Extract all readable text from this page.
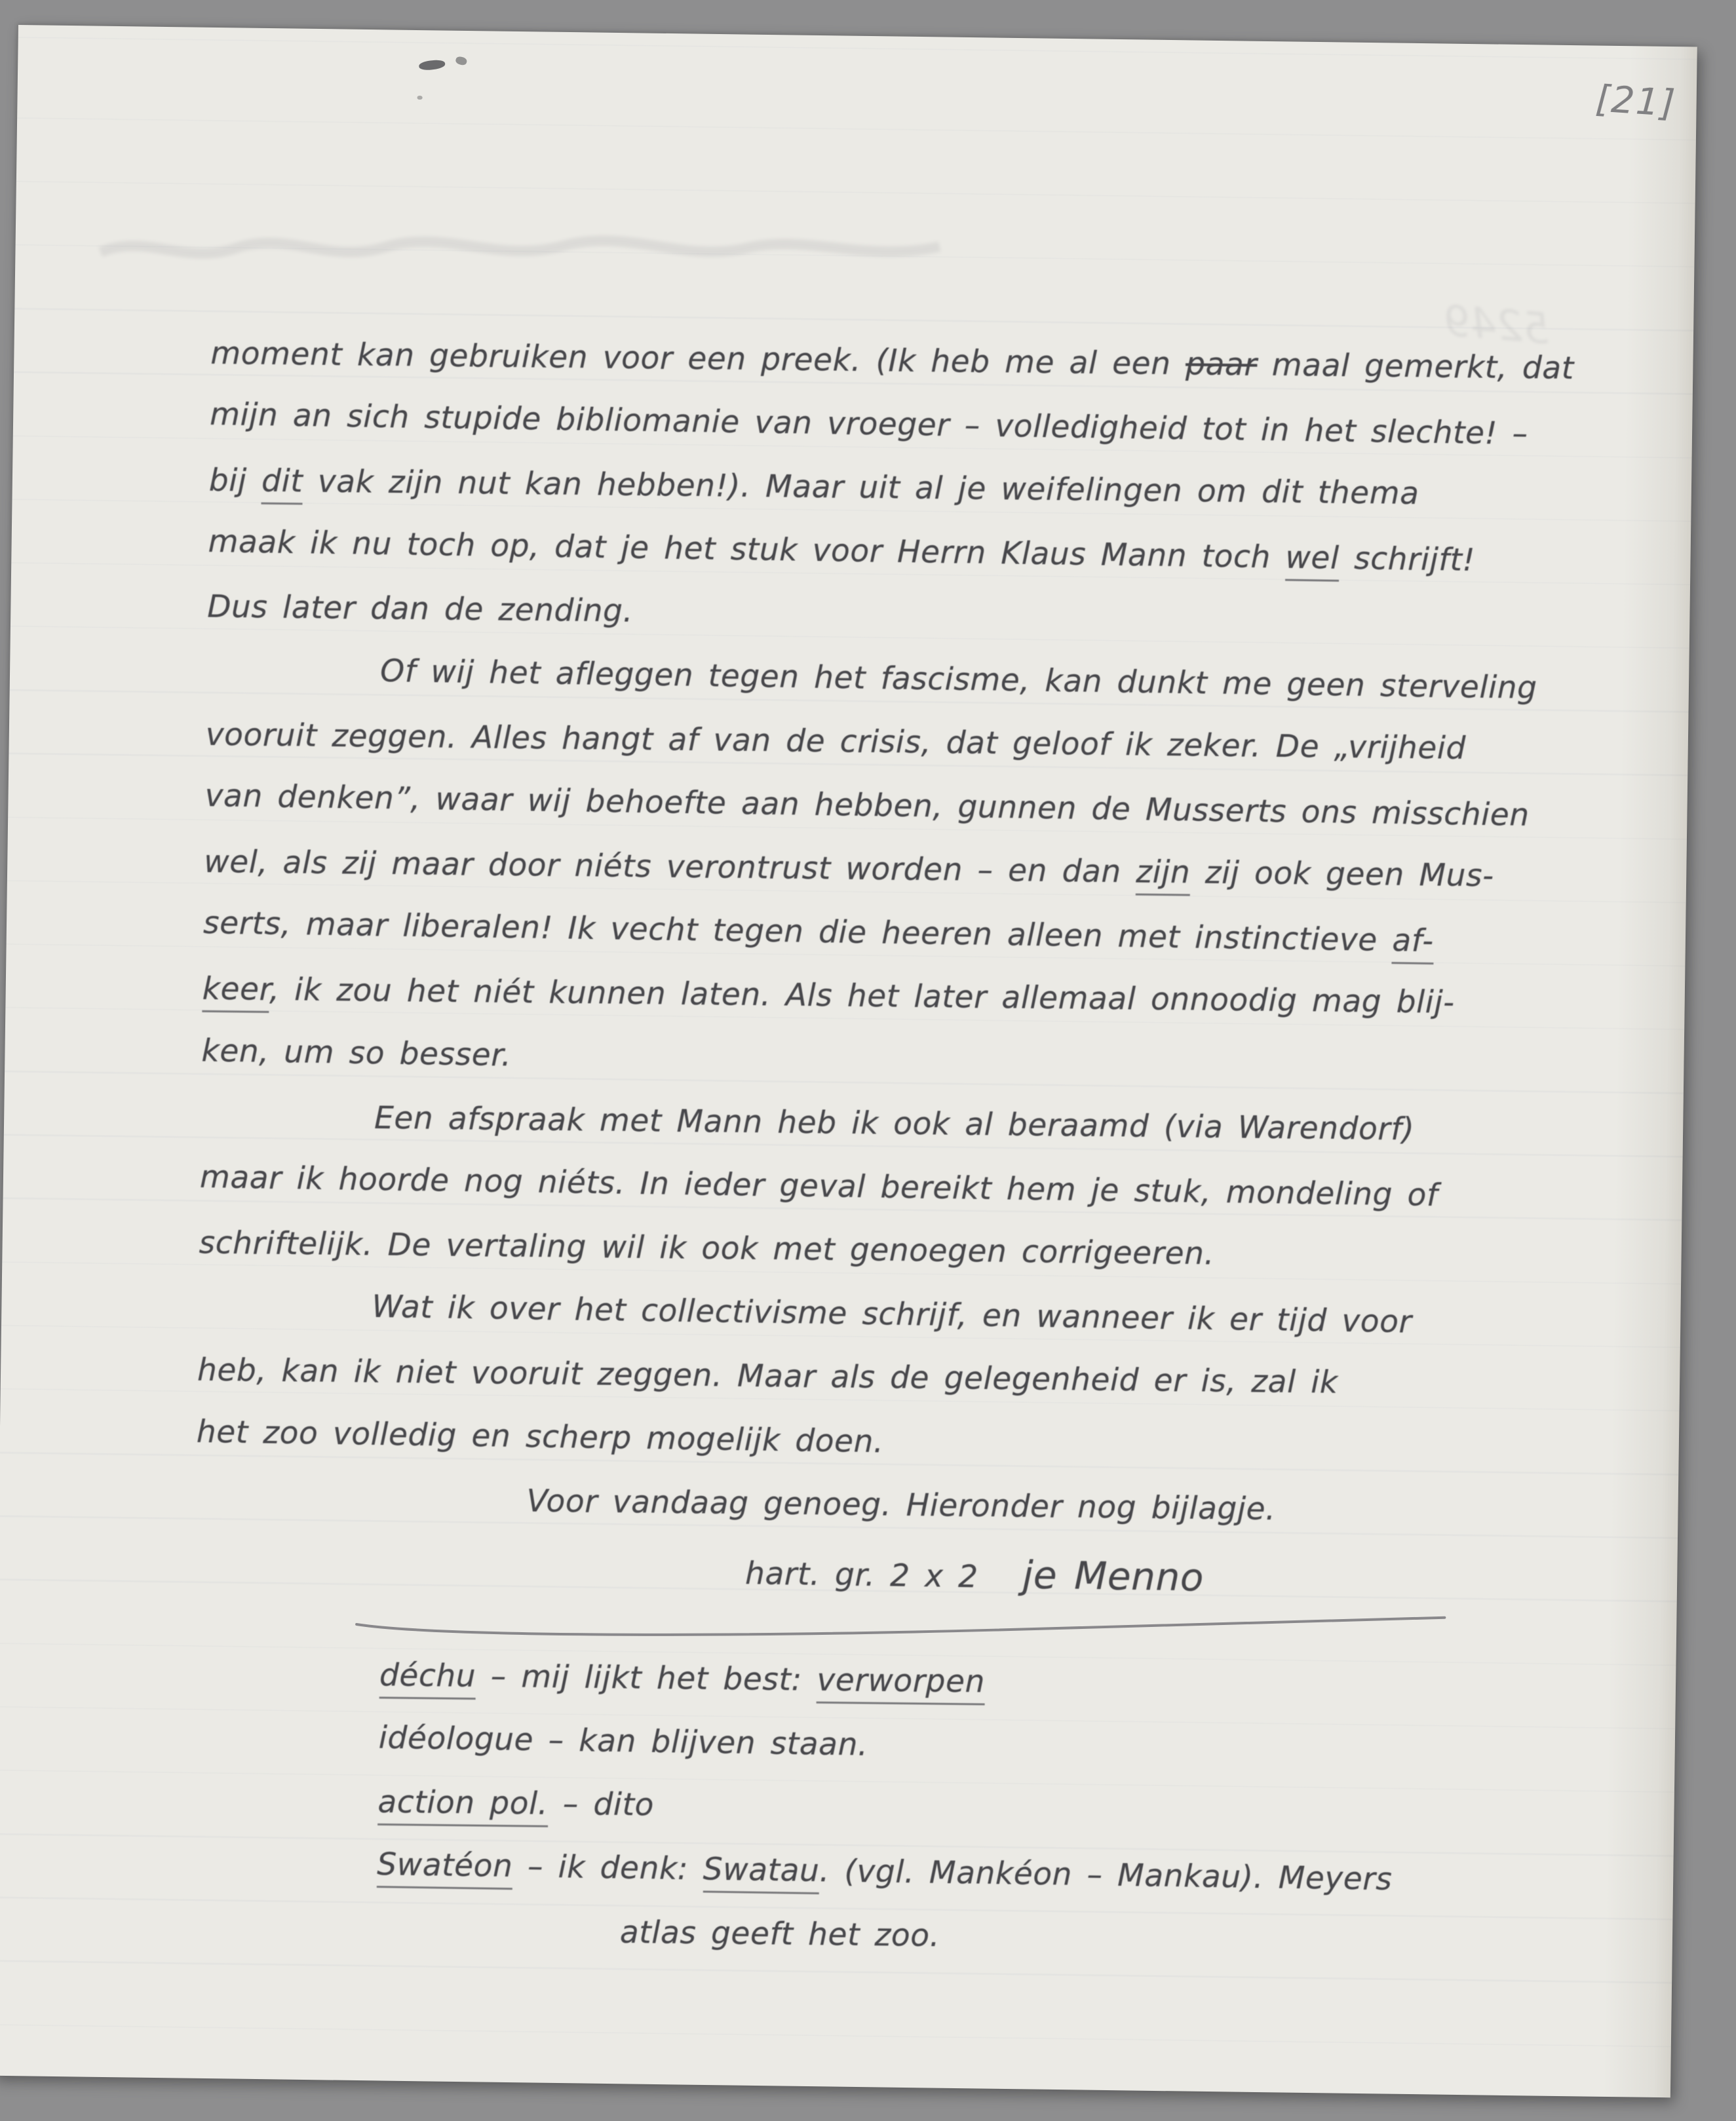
[21]
5249
moment kan gebruiken voor een preek. (Ik heb me al een paar maal gemerkt, dat
mijn an sich stupide bibliomanie van vroeger – volledigheid tot in het slechte! –
bij dit vak zijn nut kan hebben!). Maar uit al je weifelingen om dit thema
maak ik nu toch op, dat je het stuk voor Herrn Klaus Mann toch wel schrijft!
Dus later dan de zending.
Of wij het afleggen tegen het fascisme, kan dunkt me geen sterveling
vooruit zeggen. Alles hangt af van de crisis, dat geloof ik zeker. De „vrijheid
van denken”, waar wij behoefte aan hebben, gunnen de Musserts ons misschien
wel, als zij maar door niéts verontrust worden – en dan zijn zij ook geen Mus-
serts, maar liberalen! Ik vecht tegen die heeren alleen met instinctieve af-
keer, ik zou het niét kunnen laten. Als het later allemaal onnoodig mag blij-
ken, um so besser.
Een afspraak met Mann heb ik ook al beraamd (via Warendorf)
maar ik hoorde nog niéts. In ieder geval bereikt hem je stuk, mondeling of
schriftelijk. De vertaling wil ik ook met genoegen corrigeeren.
Wat ik over het collectivisme schrijf, en wanneer ik er tijd voor
heb, kan ik niet vooruit zeggen. Maar als de gelegenheid er is, zal ik
het zoo volledig en scherp mogelijk doen.
Voor vandaag genoeg. Hieronder nog bijlagje.
hart. gr. 2 x 2   je Menno
déchu – mij lijkt het best: verworpen
idéologue – kan blijven staan.
action pol. – dito
Swatéon – ik denk: Swatau. (vgl. Mankéon – Mankau). Meyers
atlas geeft het zoo.
